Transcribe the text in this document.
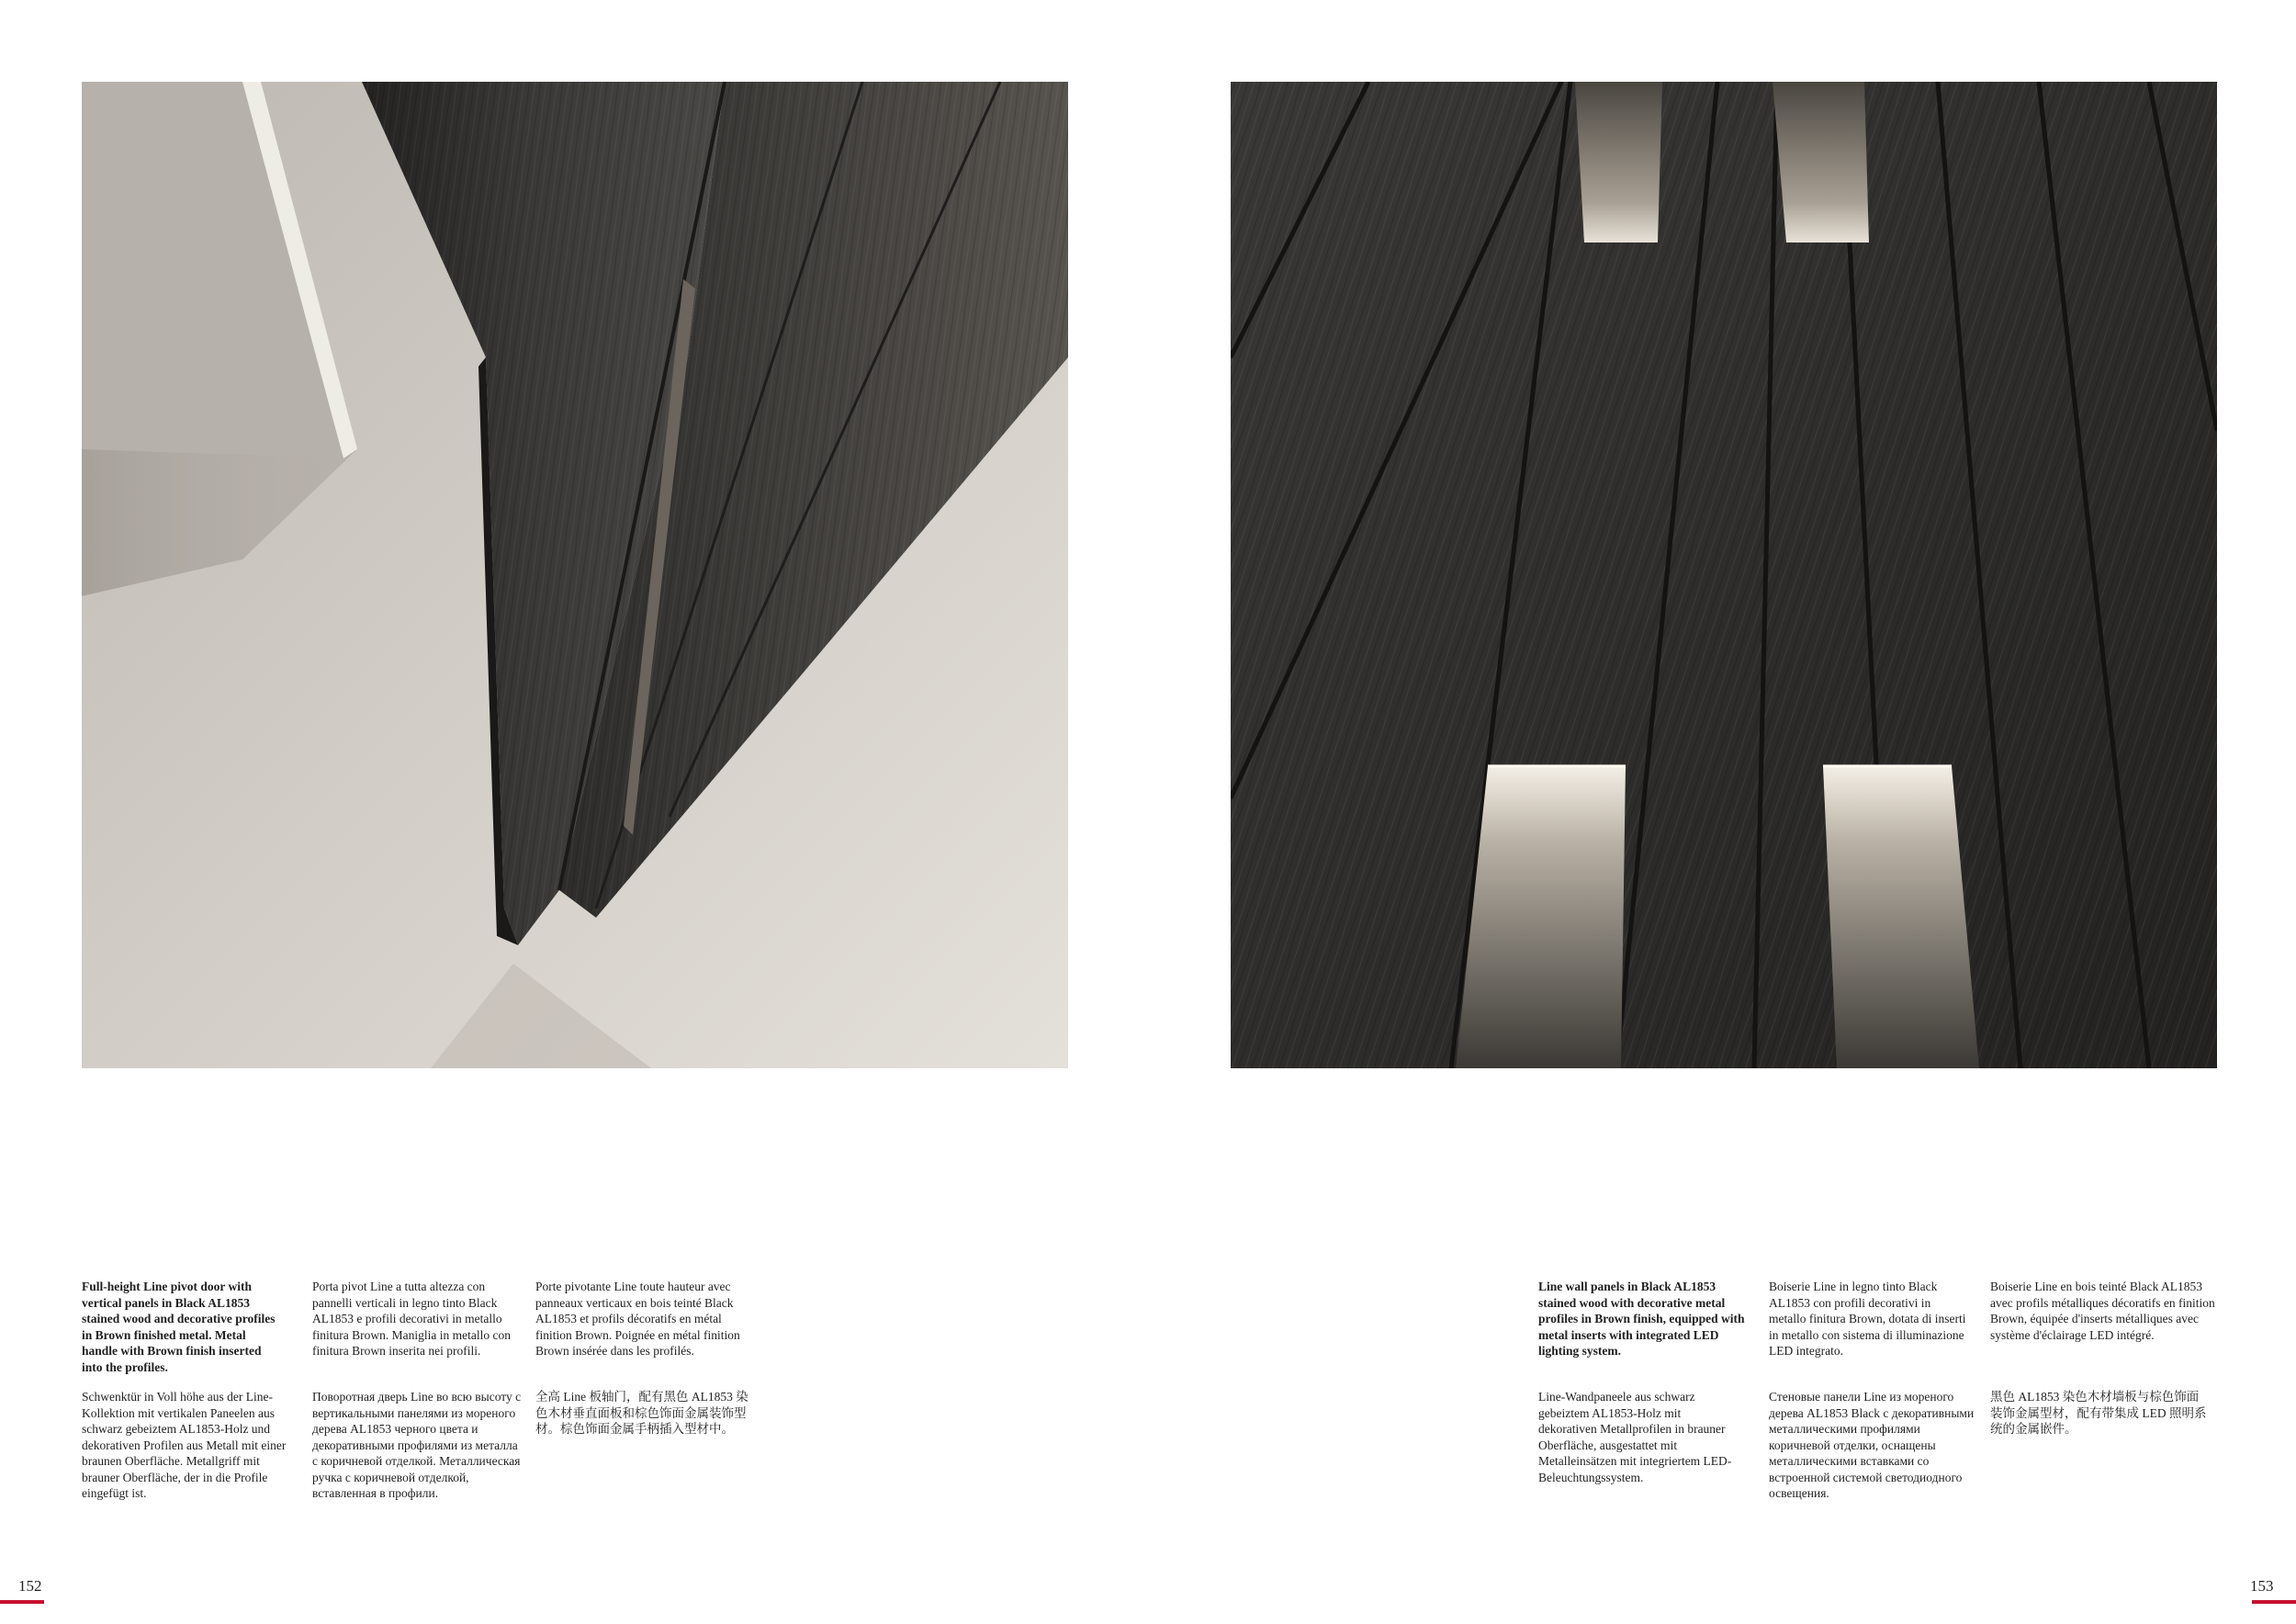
Full-height Line pivot door with vertical panels in Black AL1853 stained wood and decorative profiles in Brown finished metal. Metal handle with Brown finish inserted into the profiles.

Porta pivot Line a tutta altezza con pannelli verticali in legno tinto Black AL1853 e profili decorativi in metallo finitura Brown. Maniglia in metallo con finitura Brown inserita nei profili.

Porte pivotante Line toute hauteur avec panneaux verticaux en bois teinté Black AL1853 et profils décoratifs en métal finition Brown. Poignée en métal finition Brown insérée dans les profilés.

Schwenktür in Voll höhe aus der Line-Kollektion mit vertikalen Paneelen aus schwarz gebeiztem AL1853-Holz und dekorativen Profilen aus Metall mit einer braunen Oberfläche. Metallgriff mit brauner Oberfläche, der in die Profile eingefügt ist.

Поворотная дверь Line во всю высоту с вертикальными панелями из мореного дерева AL1853 черного цвета и декоративными профилями из металла с коричневой отделкой. Металлическая ручка с коричневой отделкой, вставленная в профили.

全高 Line 板轴门，配有黑色 AL1853 染色木材垂直面板和棕色饰面金属装饰型材。棕色饰面金属手柄插入型材中。

Line wall panels in Black AL1853 stained wood with decorative metal profiles in Brown finish, equipped with metal inserts with integrated LED lighting system.

Boiserie Line in legno tinto Black AL1853 con profili decorativi in metallo finitura Brown, dotata di inserti in metallo con sistema di illuminazione LED integrato.

Boiserie Line en bois teinté Black AL1853 avec profils métalliques décoratifs en finition Brown, équipée d'inserts métalliques avec système d'éclairage LED intégré.

Line-Wandpaneele aus schwarz gebeiztem AL1853-Holz mit dekorativen Metallprofilen in brauner Oberfläche, ausgestattet mit Metalleinsätzen mit integriertem LED-Beleuchtungssystem.

Стеновые панели Line из мореного дерева AL1853 Black с декоративными металлическими профилями коричневой отделки, оснащены металлическими вставками со встроенной системой светодиодного освещения.

黑色 AL1853 染色木材墙板与棕色饰面装饰金属型材，配有带集成 LED 照明系统的金属嵌件。

152	153
